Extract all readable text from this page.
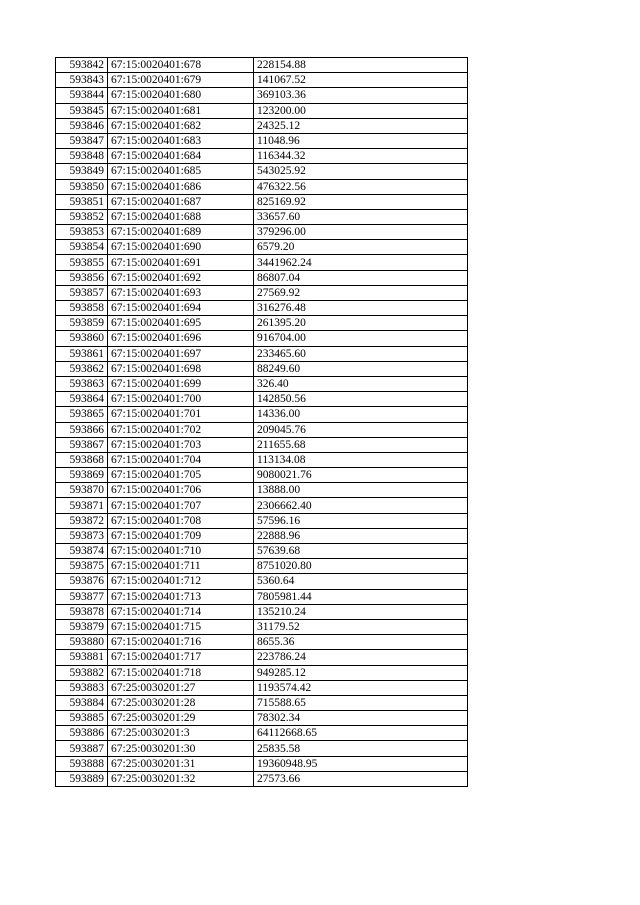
593842	67:15:0020401:678	228154.88
593843	67:15:0020401:679	141067.52
593844	67:15:0020401:680	369103.36
593845	67:15:0020401:681	123200.00
593846	67:15:0020401:682	24325.12
593847	67:15:0020401:683	11048.96
593848	67:15:0020401:684	116344.32
593849	67:15:0020401:685	543025.92
593850	67:15:0020401:686	476322.56
593851	67:15:0020401:687	825169.92
593852	67:15:0020401:688	33657.60
593853	67:15:0020401:689	379296.00
593854	67:15:0020401:690	6579.20
593855	67:15:0020401:691	3441962.24
593856	67:15:0020401:692	86807.04
593857	67:15:0020401:693	27569.92
593858	67:15:0020401:694	316276.48
593859	67:15:0020401:695	261395.20
593860	67:15:0020401:696	916704.00
593861	67:15:0020401:697	233465.60
593862	67:15:0020401:698	88249.60
593863	67:15:0020401:699	326.40
593864	67:15:0020401:700	142850.56
593865	67:15:0020401:701	14336.00
593866	67:15:0020401:702	209045.76
593867	67:15:0020401:703	211655.68
593868	67:15:0020401:704	113134.08
593869	67:15:0020401:705	9080021.76
593870	67:15:0020401:706	13888.00
593871	67:15:0020401:707	2306662.40
593872	67:15:0020401:708	57596.16
593873	67:15:0020401:709	22888.96
593874	67:15:0020401:710	57639.68
593875	67:15:0020401:711	8751020.80
593876	67:15:0020401:712	5360.64
593877	67:15:0020401:713	7805981.44
593878	67:15:0020401:714	135210.24
593879	67:15:0020401:715	31179.52
593880	67:15:0020401:716	8655.36
593881	67:15:0020401:717	223786.24
593882	67:15:0020401:718	949285.12
593883	67:25:0030201:27	1193574.42
593884	67:25:0030201:28	715588.65
593885	67:25:0030201:29	78302.34
593886	67:25:0030201:3	64112668.65
593887	67:25:0030201:30	25835.58
593888	67:25:0030201:31	19360948.95
593889	67:25:0030201:32	27573.66
